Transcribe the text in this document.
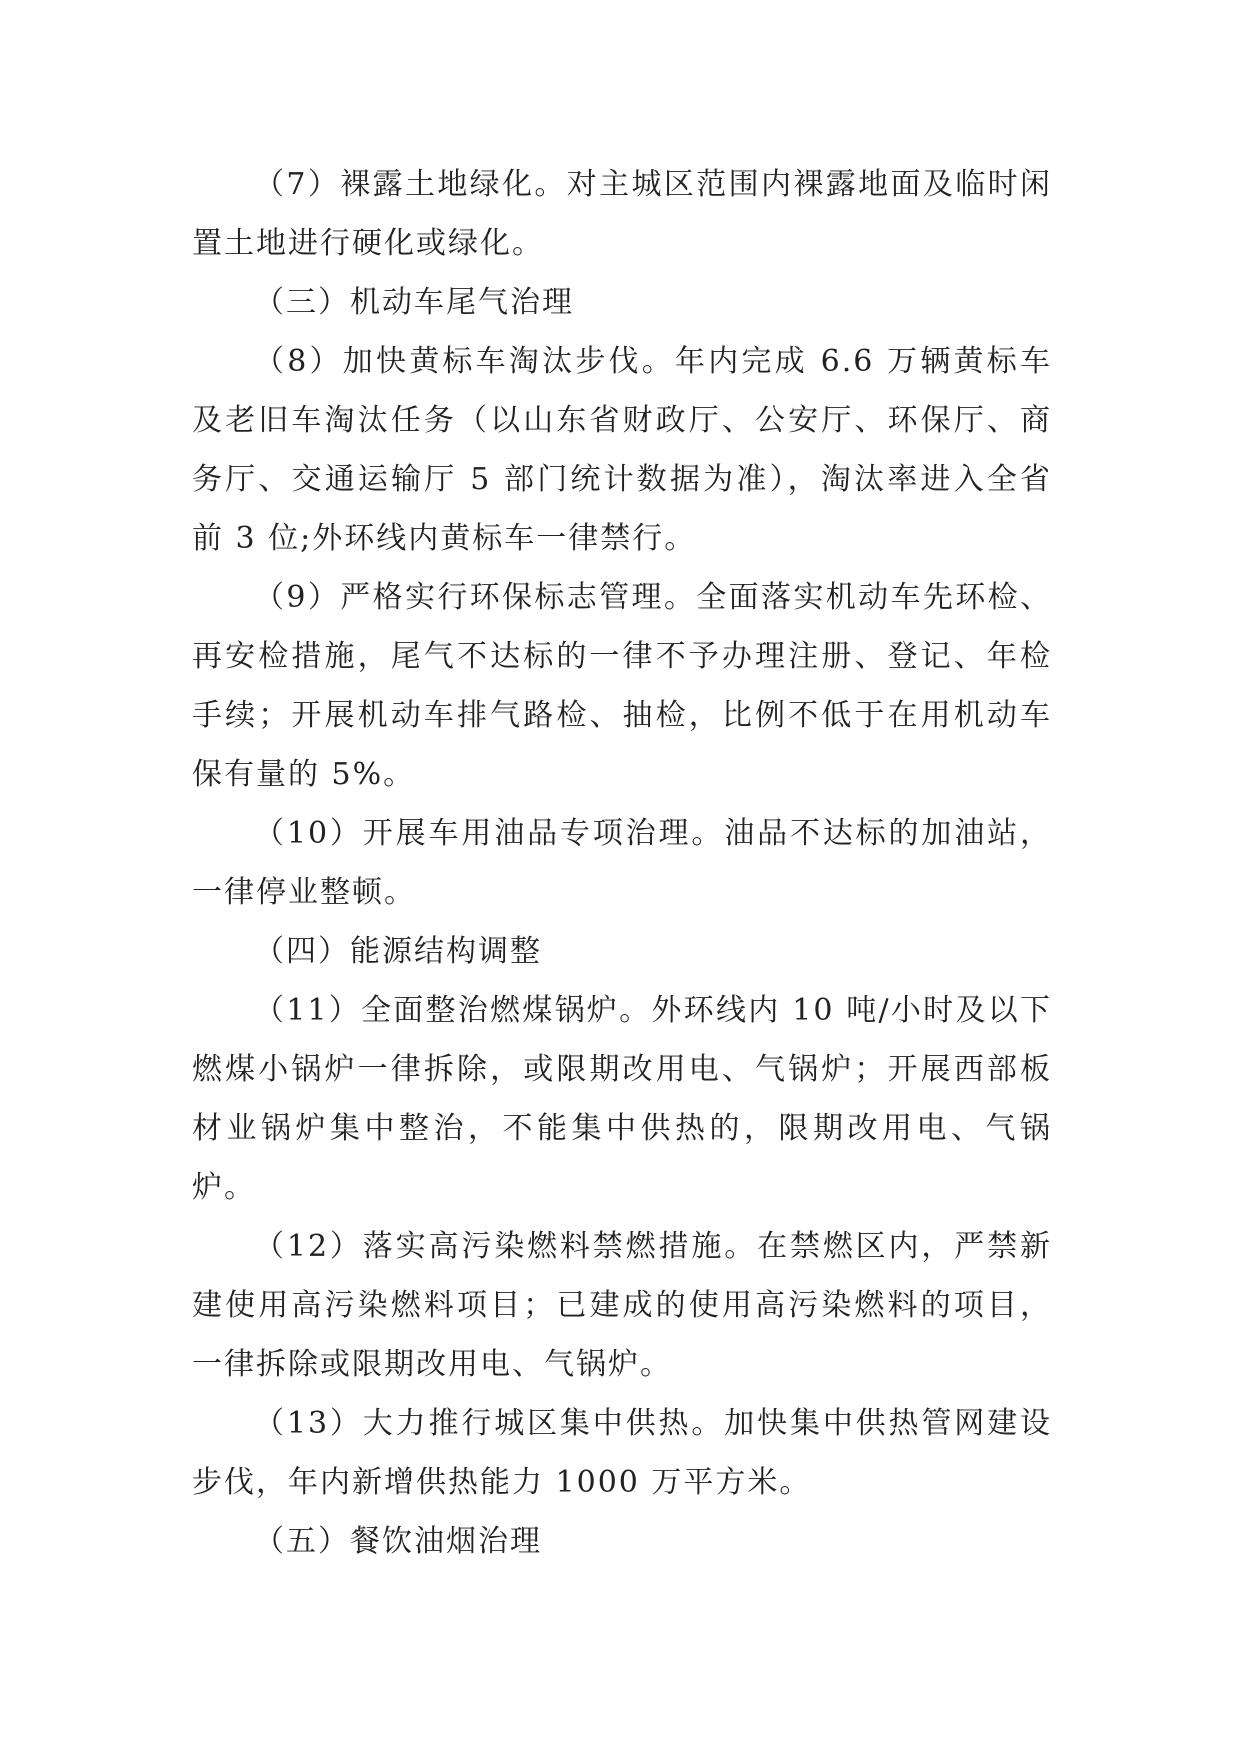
（7）裸露土地绿化。对主城区范围内裸露地面及临时闲置土地进行硬化或绿化。

（三）机动车尾气治理

（8）加快黄标车淘汰步伐。年内完成 6.6 万辆黄标车及老旧车淘汰任务（以山东省财政厅、公安厅、环保厅、商务厅、交通运输厅 5 部门统计数据为准），淘汰率进入全省前 3 位;外环线内黄标车一律禁行。

（9）严格实行环保标志管理。全面落实机动车先环检、再安检措施，尾气不达标的一律不予办理注册、登记、年检手续；开展机动车排气路检、抽检，比例不低于在用机动车保有量的 5%。

（10）开展车用油品专项治理。油品不达标的加油站，一律停业整顿。

（四）能源结构调整

（11）全面整治燃煤锅炉。外环线内 10 吨/小时及以下燃煤小锅炉一律拆除，或限期改用电、气锅炉；开展西部板材业锅炉集中整治，不能集中供热的，限期改用电、气锅炉。

（12）落实高污染燃料禁燃措施。在禁燃区内，严禁新建使用高污染燃料项目；已建成的使用高污染燃料的项目，一律拆除或限期改用电、气锅炉。

（13）大力推行城区集中供热。加快集中供热管网建设步伐，年内新增供热能力 1000 万平方米。

（五）餐饮油烟治理
